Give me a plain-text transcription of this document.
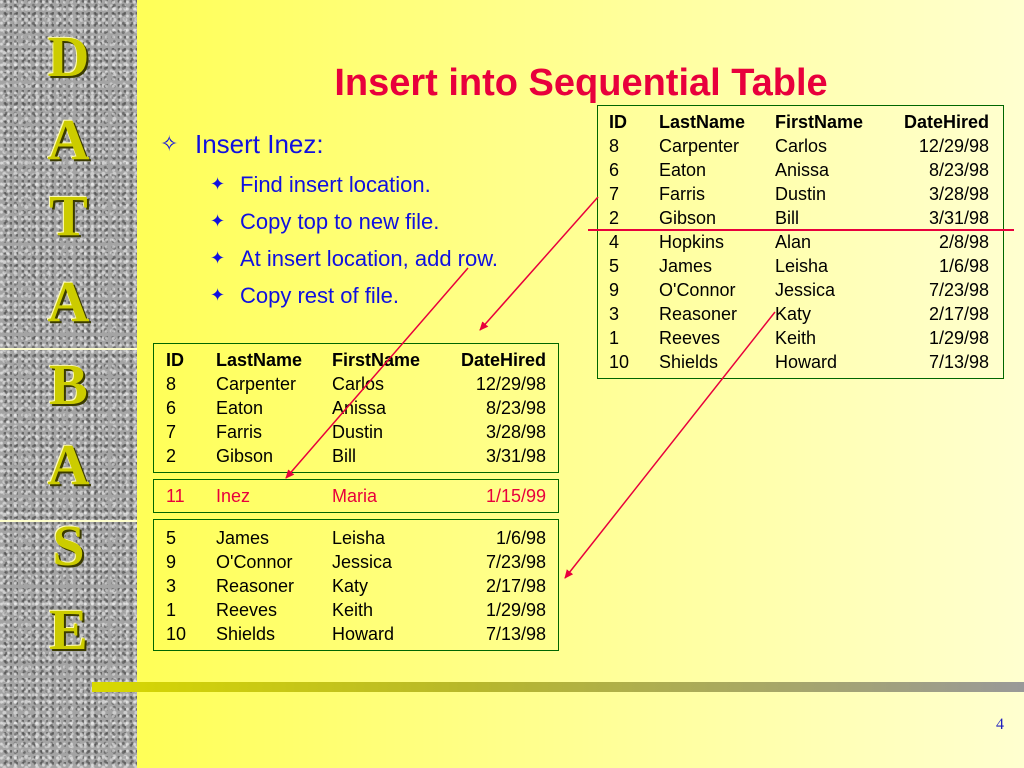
D
A
T
A
B
A
S
E
Insert into Sequential Table
✧ Insert Inez:
✦ Find insert location.
✦ Copy top to new file.
✦ At insert location, add row.
✦ Copy rest of file.
ID	LastName	FirstName	DateHired
8	Carpenter	Carlos	12/29/98
6	Eaton	Anissa	8/23/98
7	Farris	Dustin	3/28/98
2	Gibson	Bill	3/31/98
4	Hopkins	Alan	2/8/98
5	James	Leisha	1/6/98
9	O'Connor	Jessica	7/23/98
3	Reasoner	Katy	2/17/98
1	Reeves	Keith	1/29/98
10	Shields	Howard	7/13/98
ID	LastName	FirstName	DateHired
8	Carpenter	Carlos	12/29/98
6	Eaton	Anissa	8/23/98
7	Farris	Dustin	3/28/98
2	Gibson	Bill	3/31/98
11	Inez	Maria	1/15/99
5	James	Leisha	1/6/98
9	O'Connor	Jessica	7/23/98
3	Reasoner	Katy	2/17/98
1	Reeves	Keith	1/29/98
10	Shields	Howard	7/13/98
4
